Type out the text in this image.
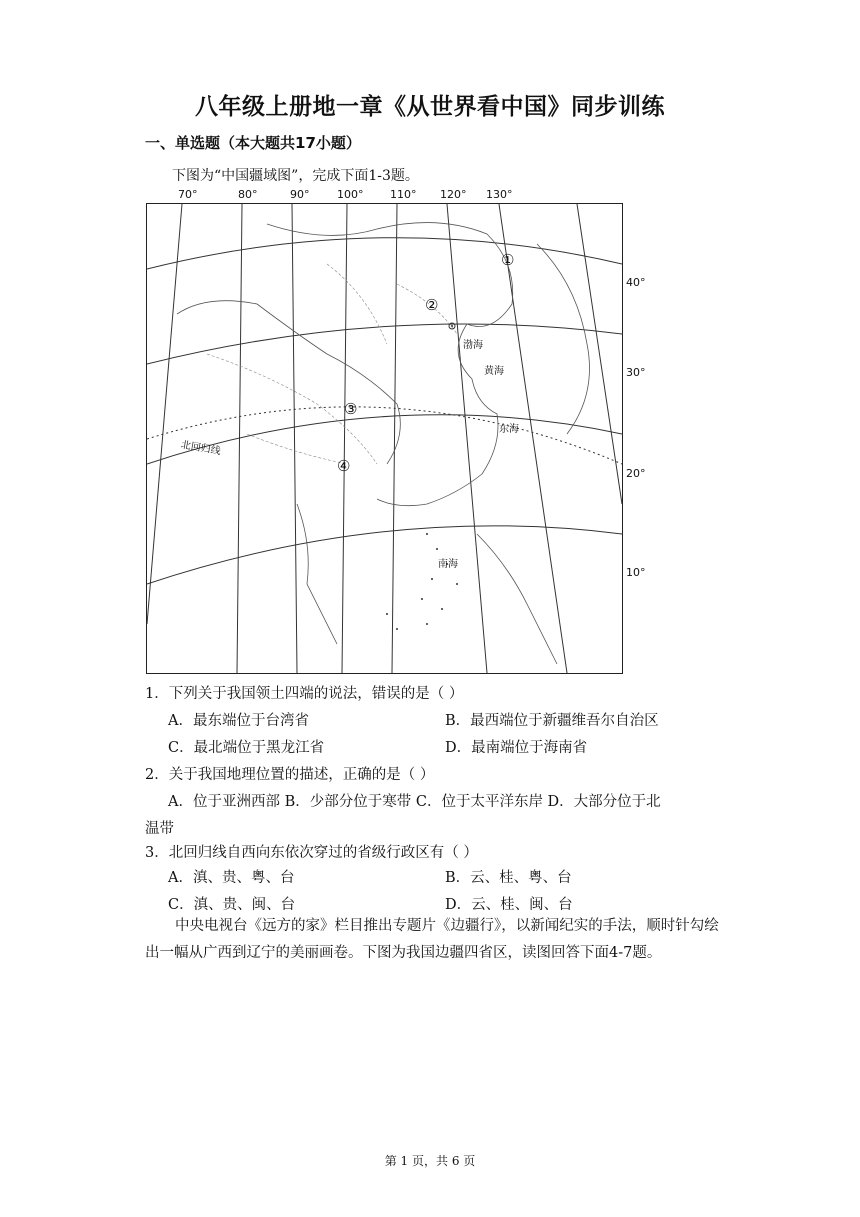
八年级上册地一章《从世界看中国》同步训练
一、单选题（本大题共17小题）
下图为“中国疆域图”，完成下面1-3题。
70°	80°	90°	100° 110° 120° 130°
40°
30°
20°
10°
①
②
③
④
渤海
黄海
东海
南海
北回归线
1．下列关于我国领土四端的说法，错误的是（ ）
A．最东端位于台湾省	B．最西端位于新疆维吾尔自治区
C．最北端位于黑龙江省	D．最南端位于海南省
2．关于我国地理位置的描述，正确的是（ ）
A．位于亚洲西部 B．少部分位于寒带 C．位于太平洋东岸 D．大部分位于北
温带
3．北回归线自西向东依次穿过的省级行政区有（ ）
A．滇、贵、粤、台	B．云、桂、粤、台
C．滇、贵、闽、台	D．云、桂、闽、台
中央电视台《远方的家》栏目推出专题片《边疆行》，以新闻纪实的手法，顺时针勾绘出一幅从广西到辽宁的美丽画卷。下图为我国边疆四省区，读图回答下面4-7题。
第 1 页，共 6 页
